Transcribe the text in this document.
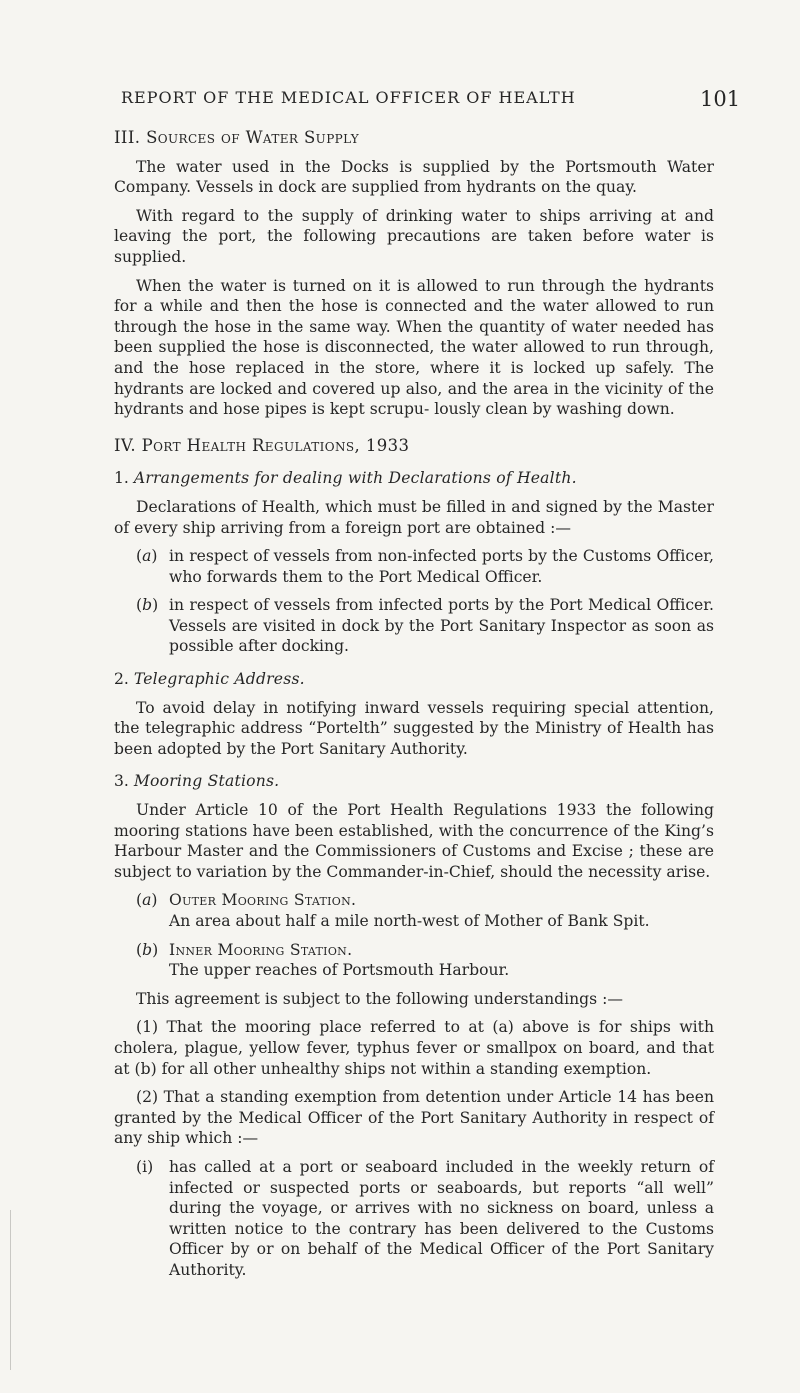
REPORT OF THE MEDICAL OFFICER OF HEALTH	101

III. Sources of Water Supply

The water used in the Docks is supplied by the Portsmouth Water Company. Vessels in dock are supplied from hydrants on the quay.

With regard to the supply of drinking water to ships arriving at and leaving the port, the following precautions are taken before water is supplied.

When the water is turned on it is allowed to run through the hydrants for a while and then the hose is connected and the water allowed to run through the hose in the same way. When the quantity of water needed has been supplied the hose is disconnected, the water allowed to run through, and the hose replaced in the store, where it is locked up safely. The hydrants are locked and covered up also, and the area in the vicinity of the hydrants and hose pipes is kept scrupu- lously clean by washing down.

IV. Port Health Regulations, 1933

1. Arrangements for dealing with Declarations of Health.

Declarations of Health, which must be filled in and signed by the Master of every ship arriving from a foreign port are obtained :—

(a) in respect of vessels from non-infected ports by the Customs Officer, who forwards them to the Port Medical Officer.
(b) in respect of vessels from infected ports by the Port Medical Officer. Vessels are visited in dock by the Port Sanitary Inspector as soon as possible after docking.

2. Telegraphic Address.

To avoid delay in notifying inward vessels requiring special attention, the telegraphic address “Portelth” suggested by the Ministry of Health has been adopted by the Port Sanitary Authority.

3. Mooring Stations.

Under Article 10 of the Port Health Regulations 1933 the following mooring stations have been established, with the concurrence of the King’s Harbour Master and the Commissioners of Customs and Excise ; these are subject to variation by the Commander-in-Chief, should the necessity arise.

(a) Outer Mooring Station.
An area about half a mile north-west of Mother of Bank Spit.
(b) Inner Mooring Station.
The upper reaches of Portsmouth Harbour.

This agreement is subject to the following understandings :—

(1) That the mooring place referred to at (a) above is for ships with cholera, plague, yellow fever, typhus fever or smallpox on board, and that at (b) for all other unhealthy ships not within a standing exemption.

(2) That a standing exemption from detention under Article 14 has been granted by the Medical Officer of the Port Sanitary Authority in respect of any ship which :—

(i)	has called at a port or seaboard included in the weekly return of infected or suspected ports or seaboards, but reports “all well” during the voyage, or arrives with no sickness on board, unless a written notice to the contrary has been delivered to the Customs Officer by or on behalf of the Medical Officer of the Port Sanitary Authority.
